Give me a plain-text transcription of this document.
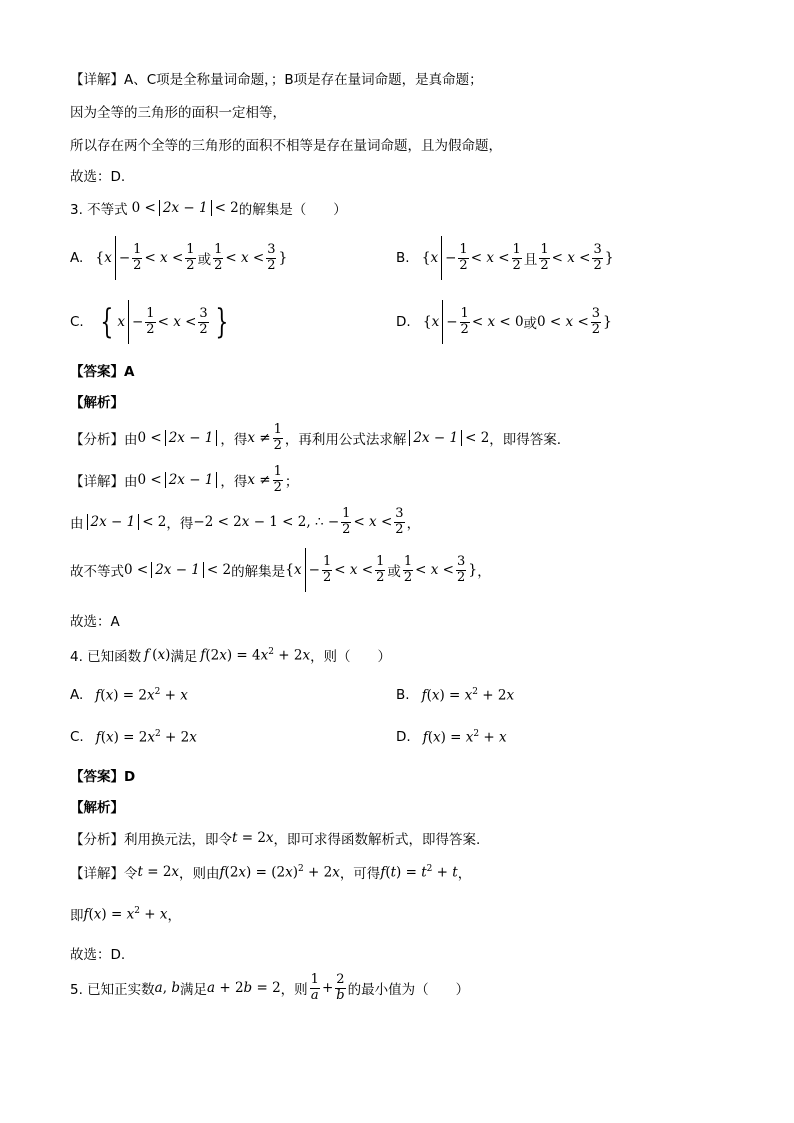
【详解】A、C项是全称量词命题，；B项是存在量词命题，是真命题；
因为全等的三角形的面积一定相等，
所以存在两个全等的三角形的面积不相等是存在量词命题，且为假命题，
故选：D.
3. 不等式 0 < 2x − 1 < 2 的解集是（　　）
A. { $x - \frac{1}{2} < x < \frac{1}{2}$ 或 $\frac{1}{2} < x < \frac{3}{2}$ }	B. { $x - \frac{1}{2} < x < \frac{1}{2}$ 且 $\frac{1}{2} < x < \frac{3}{2}$ }
C. { $x - \frac{1}{2} < x < \frac{3}{2}$ }	D. { $x - \frac{1}{2} < x < 0$ 或 $0 < x < \frac{3}{2}$ }
【答案】A
【解析】
【分析】由 0 < 2x − 1 ，得 $x \ne \frac{1}{2}$ ，再利用公式法求解 2x − 1 < 2 ，即得答案.
【详解】由 0 < 2x − 1 ，得 $x \ne \frac{1}{2}$ ；
由 2x − 1 < 2 ，得 −2 < 2x − 1 < 2, ∴ − $\frac{1}{2} < x < \frac{3}{2}$ ，
故不等式 0 < 2x − 1 < 2 的解集是 { $x - \frac{1}{2} < x < \frac{1}{2}$ 或 $\frac{1}{2} < x < \frac{3}{2}$ } ，
故选：A
4. 已知函数 f ( x ) 满足 f $(2x) = 4x^2 + 2x$ ，则（　　）
A. $f(x) = 2x^2 + x$	B. $f(x) = x^2 + 2x$
C. $f(x) = 2x^2 + 2x$	D. $f(x) = x^2 + x$
【答案】D
【解析】
【分析】利用换元法，即令 t = 2x ，即可求得函数解析式，即得答案.
【详解】令 t = 2x ，则由 $f(2x) = (2x)^2 + 2x$ ，可得 $f(t) = t^2 + t$ ，
即 $f(x) = x^2 + x$ ，
故选：D.
5. 已知正实数 a, b 满足 a + 2b = 2 ，则 $\frac{1}{a} + \frac{2}{b}$ 的最小值为（　　）
